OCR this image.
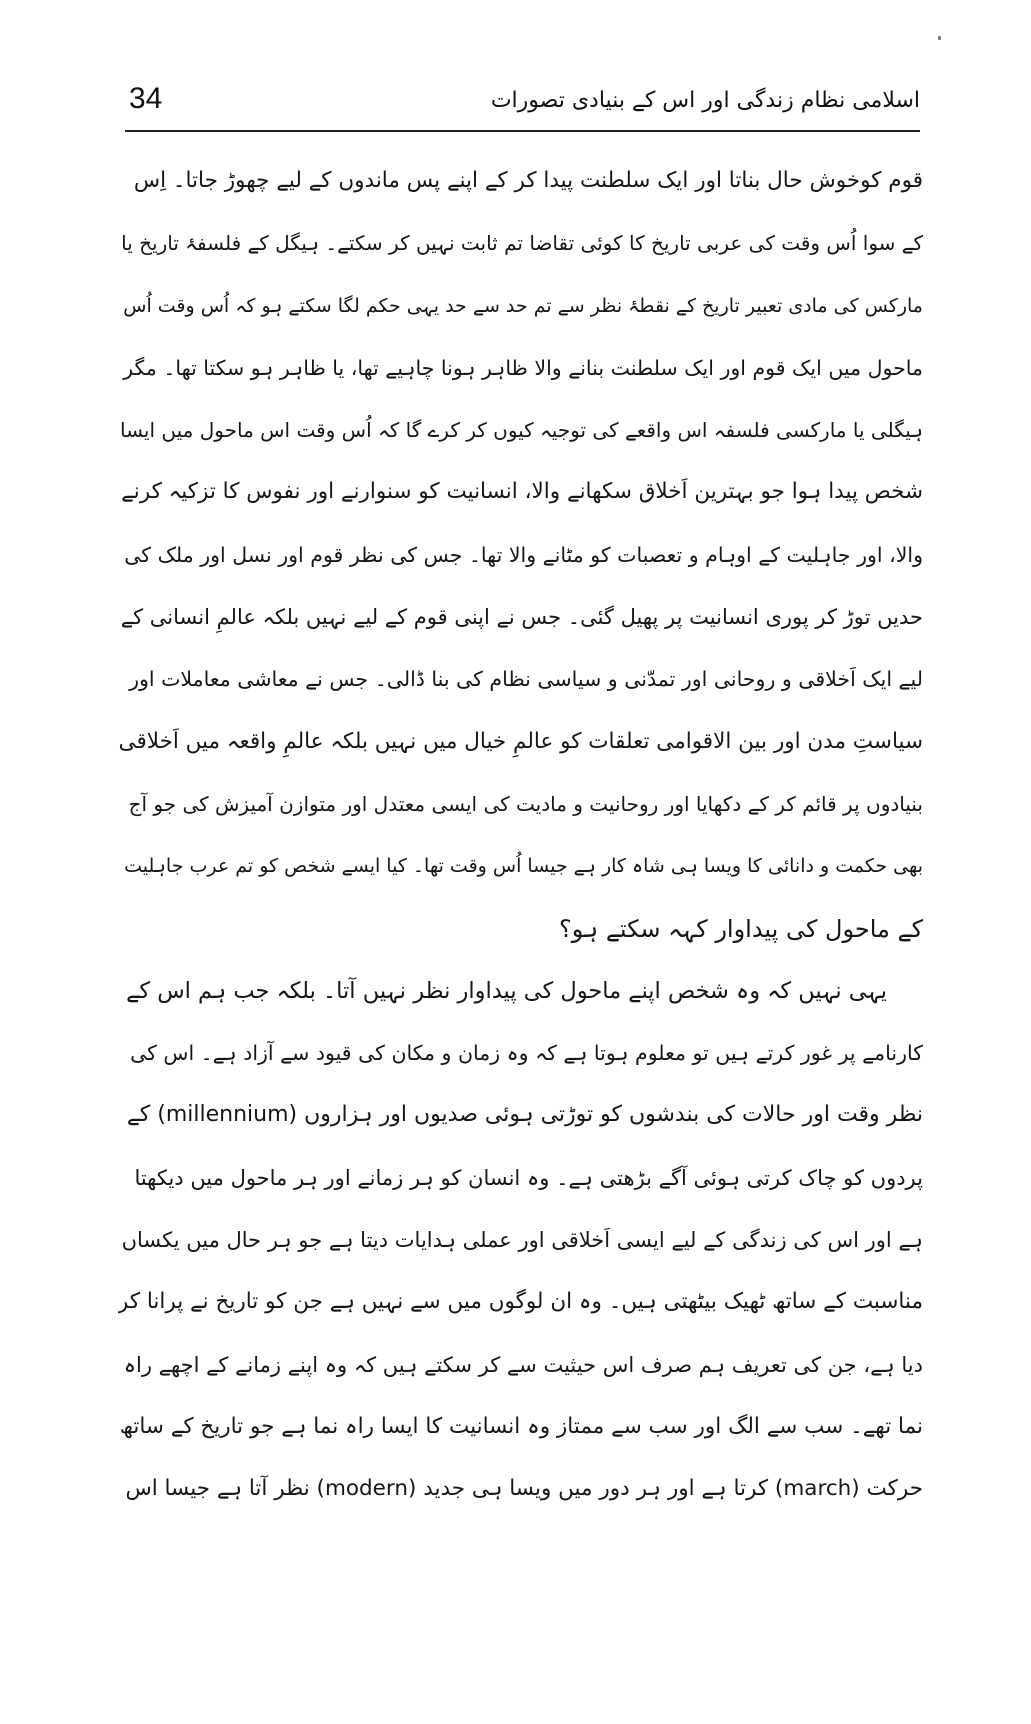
34	اسلامی نظام زندگی اور اس کے بنیادی تصورات
قوم کوخوش حال بناتا اور ایک سلطنت پیدا کر کے اپنے پس ماندوں کے لیے چھوڑ جاتا۔ اِس
کے سوا اُس وقت کی عربی تاریخ کا کوئی تقاضا تم ثابت نہیں کر سکتے۔ ہیگل کے فلسفۂ تاریخ یا
مارکس کی مادی تعبیر تاریخ کے نقطۂ نظر سے تم حد سے حد یہی حکم لگا سکتے ہو کہ اُس وقت اُس
ماحول میں ایک قوم اور ایک سلطنت بنانے والا ظاہر ہونا چاہیے تھا، یا ظاہر ہو سکتا تھا۔ مگر
ہیگلی یا مارکسی فلسفہ اس واقعے کی توجیہ کیوں کر کرے گا کہ اُس وقت اس ماحول میں ایسا
شخص پیدا ہوا جو بہترین اَخلاق سکھانے والا، انسانیت کو سنوارنے اور نفوس کا تزکیہ کرنے
والا، اور جاہلیت کے اوہام و تعصبات کو مٹانے والا تھا۔ جس کی نظر قوم اور نسل اور ملک کی
حدیں توڑ کر پوری انسانیت پر پھیل گئی۔ جس نے اپنی قوم کے لیے نہیں بلکہ عالمِ انسانی کے
لیے ایک اَخلاقی و روحانی اور تمدّنی و سیاسی نظام کی بنا ڈالی۔ جس نے معاشی معاملات اور
سیاستِ مدن اور بین الاقوامی تعلقات کو عالمِ خیال میں نہیں بلکہ عالمِ واقعہ میں اَخلاقی
بنیادوں پر قائم کر کے دکھایا اور روحانیت و مادیت کی ایسی معتدل اور متوازن آمیزش کی جو آج
بھی حکمت و دانائی کا ویسا ہی شاہ کار ہے جیسا اُس وقت تھا۔ کیا ایسے شخص کو تم عرب جاہلیت
کے ماحول کی پیداوار کہہ سکتے ہو؟
یہی نہیں کہ وہ شخص اپنے ماحول کی پیداوار نظر نہیں آتا۔ بلکہ جب ہم اس کے
کارنامے پر غور کرتے ہیں تو معلوم ہوتا ہے کہ وہ زمان و مکان کی قیود سے آزاد ہے۔ اس کی
نظر وقت اور حالات کی بندشوں کو توڑتی ہوئی صدیوں اور ہزاروں (millennium) کے
پردوں کو چاک کرتی ہوئی آگے بڑھتی ہے۔ وہ انسان کو ہر زمانے اور ہر ماحول میں دیکھتا
ہے اور اس کی زندگی کے لیے ایسی اَخلاقی اور عملی ہدایات دیتا ہے جو ہر حال میں یکساں
مناسبت کے ساتھ ٹھیک بیٹھتی ہیں۔ وہ ان لوگوں میں سے نہیں ہے جن کو تاریخ نے پرانا کر
دیا ہے، جن کی تعریف ہم صرف اس حیثیت سے کر سکتے ہیں کہ وہ اپنے زمانے کے اچھے راہ
نما تھے۔ سب سے الگ اور سب سے ممتاز وہ انسانیت کا ایسا راہ نما ہے جو تاریخ کے ساتھ
حرکت (march) کرتا ہے اور ہر دور میں ویسا ہی جدید (modern) نظر آتا ہے جیسا اس
